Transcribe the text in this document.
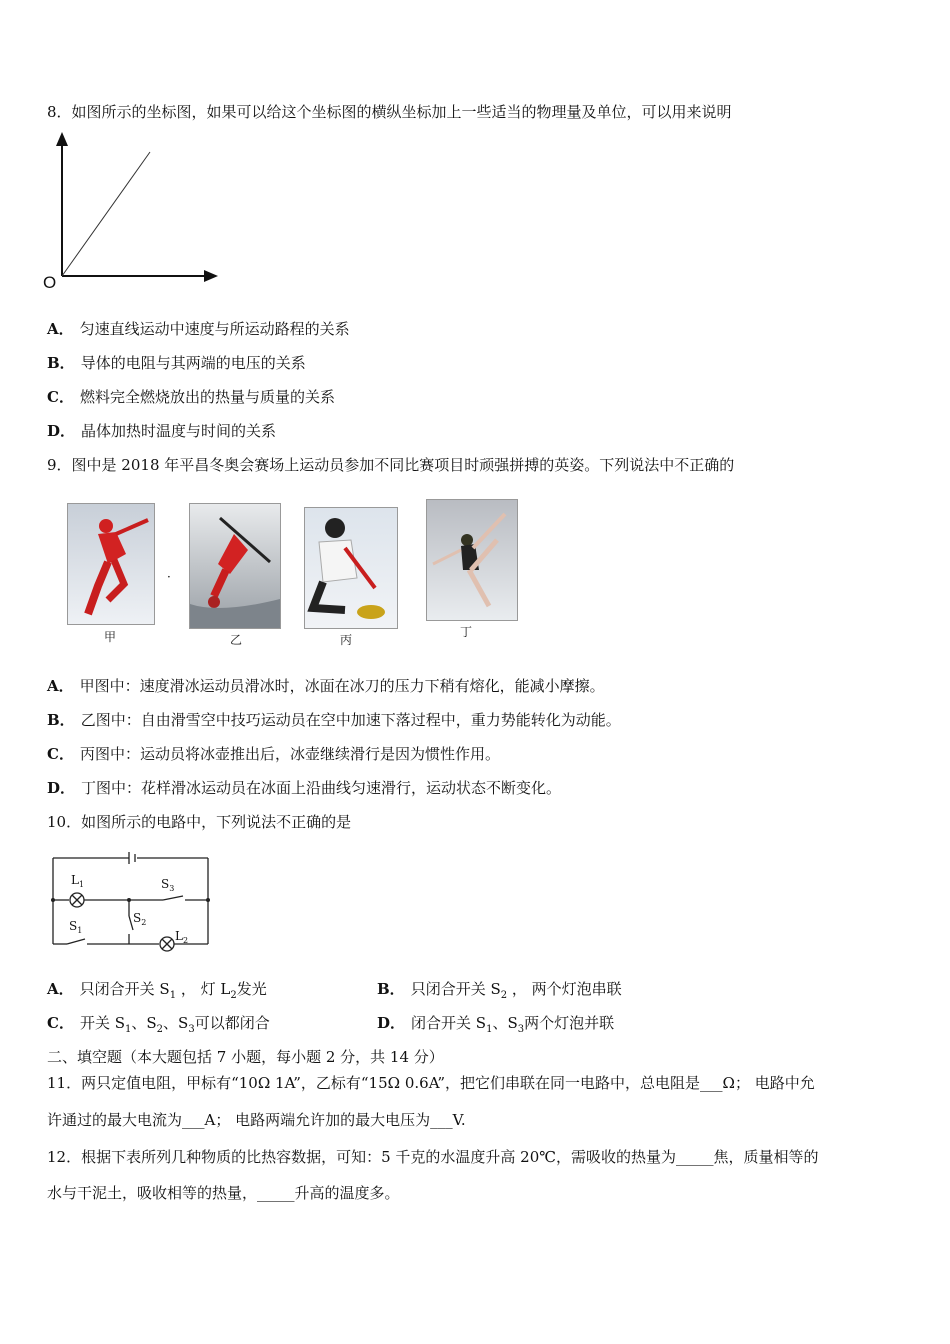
8．如图所示的坐标图，如果可以给这个坐标图的横纵坐标加上一些适当的物理量及单位，可以用来说明
O
A． 匀速直线运动中速度与所运动路程的关系
B． 导体的电阻与其两端的电压的关系
C． 燃料完全燃烧放出的热量与质量的关系
D． 晶体加热时温度与时间的关系
9．图中是 2018 年平昌冬奥会赛场上运动员参加不同比赛项目时顽强拼搏的英姿。下列说法中不正确的
·
甲	乙	丙
丁
A． 甲图中：速度滑冰运动员滑冰时，冰面在冰刀的压力下稍有熔化，能减小摩擦。
B． 乙图中：自由滑雪空中技巧运动员在空中加速下落过程中，重力势能转化为动能。
C． 丙图中：运动员将冰壶推出后，冰壶继续滑行是因为惯性作用。
D． 丁图中：花样滑冰运动员在冰面上沿曲线匀速滑行，运动状态不断变化。
10．如图所示的电路中，下列说法不正确的是
$L_1$	$S_3$
$S_2$
$S_1$	$L_2$
A． 只闭合开关 $S_1$ ， 灯 $L_2$发光	B． 只闭合开关 $S_2$ ， 两个灯泡串联
C． 开关 $S_1$、$S_2$、$S_3$可以都闭合	D． 闭合开关 $S_1$、$S_3$两个灯泡并联
二、填空题（本大题包括 7 小题，每小题 2 分，共 14 分）
11．两只定值电阻，甲标有“10Ω 1A”，乙标有“15Ω 0.6A”，把它们串联在同一电路中，总电阻是___Ω； 电路中允
许通过的最大电流为___A； 电路两端允许加的最大电压为___V.
12．根据下表所列几种物质的比热容数据，可知：5 千克的水温度升高 20℃，需吸收的热量为_____焦，质量相等的
水与干泥土，吸收相等的热量，_____升高的温度多。
